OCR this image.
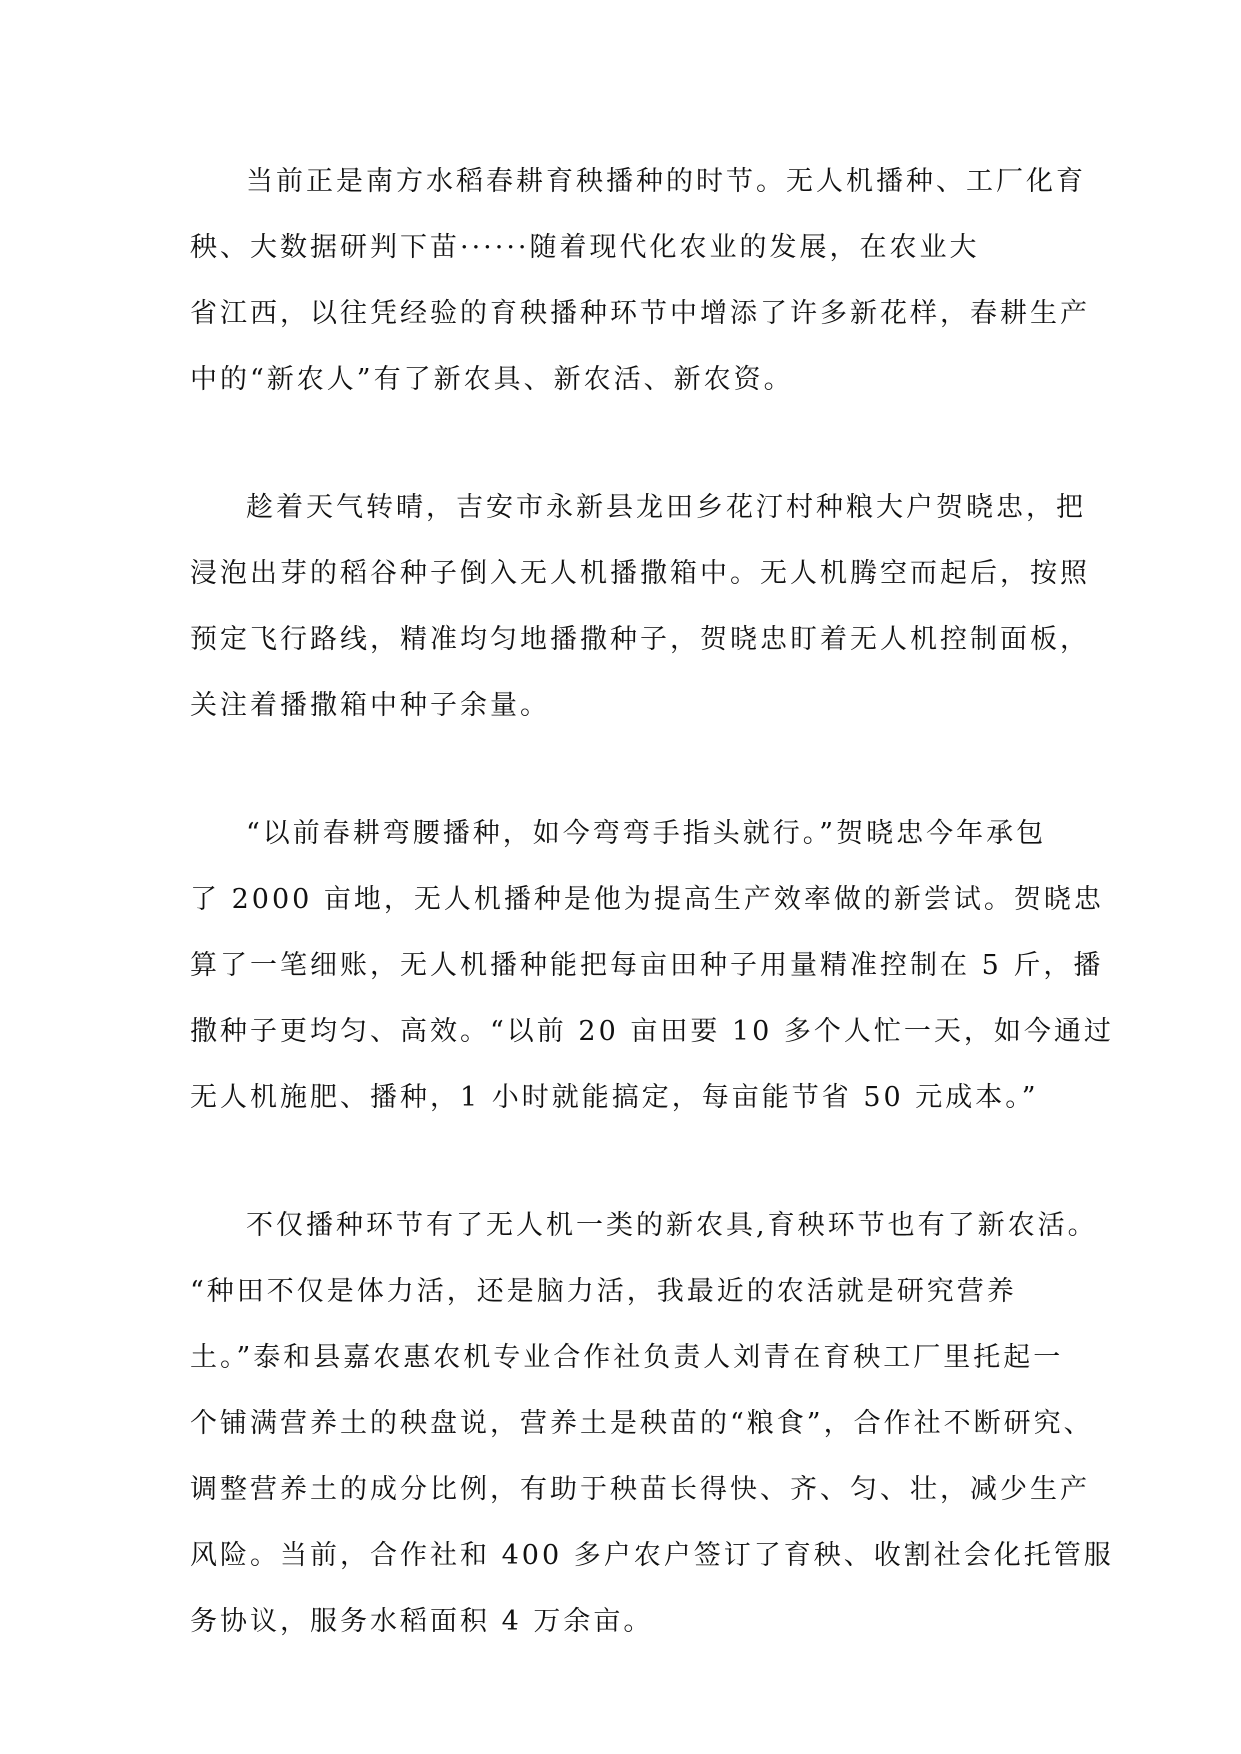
当前正是南方水稻春耕育秧播种的时节。无人机播种、工厂化育
秧、大数据研判下苗······随着现代化农业的发展，在农业大
省江西，以往凭经验的育秧播种环节中增添了许多新花样，春耕生产
中的“新农人”有了新农具、新农活、新农资。
趁着天气转晴，吉安市永新县龙田乡花汀村种粮大户贺晓忠，把
浸泡出芽的稻谷种子倒入无人机播撒箱中。无人机腾空而起后，按照
预定飞行路线，精准均匀地播撒种子，贺晓忠盯着无人机控制面板，
关注着播撒箱中种子余量。
“以前春耕弯腰播种，如今弯弯手指头就行。”贺晓忠今年承包
了 2000 亩地，无人机播种是他为提高生产效率做的新尝试。贺晓忠
算了一笔细账，无人机播种能把每亩田种子用量精准控制在 5 斤，播
撒种子更均匀、高效。“以前 20 亩田要 10 多个人忙一天，如今通过
无人机施肥、播种，1 小时就能搞定，每亩能节省 50 元成本。”
不仅播种环节有了无人机一类的新农具,育秧环节也有了新农活。
“种田不仅是体力活，还是脑力活，我最近的农活就是研究营养
土。”泰和县嘉农惠农机专业合作社负责人刘青在育秧工厂里托起一
个铺满营养土的秧盘说，营养土是秧苗的“粮食”，合作社不断研究、
调整营养土的成分比例，有助于秧苗长得快、齐、匀、壮，减少生产
风险。当前，合作社和 400 多户农户签订了育秧、收割社会化托管服
务协议，服务水稻面积 4 万余亩。
